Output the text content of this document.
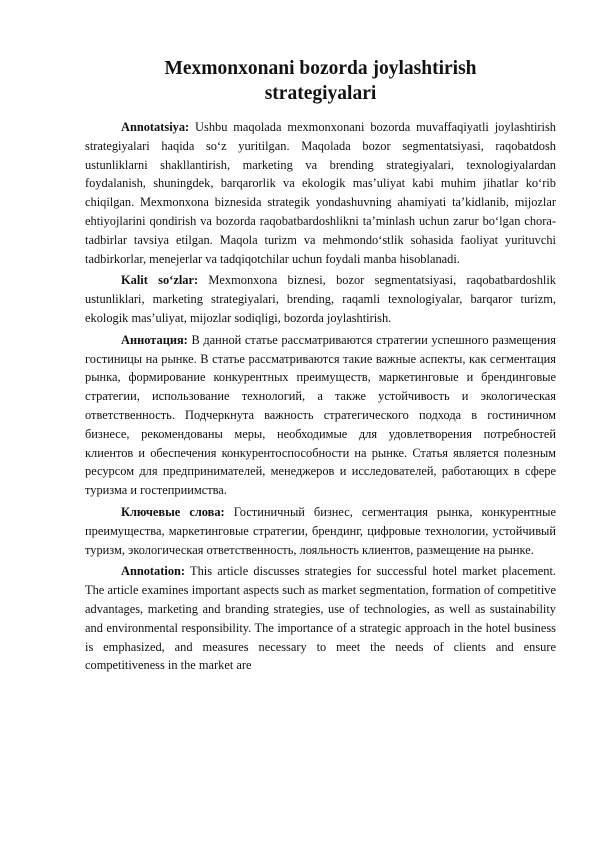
Mexmonxonani bozorda joylashtirish
strategiyalari

Annotatsiya: Ushbu maqolada mexmonxonani bozorda muvaffaqiyatli joylashtirish strategiyalari haqida so‘z yuritilgan. Maqolada bozor segmentatsiyasi, raqobatdosh ustunliklarni shakllantirish, marketing va brending strategiyalari, texnologiyalardan foydalanish, shuningdek, barqarorlik va ekologik mas’uliyat kabi muhim jihatlar ko‘rib chiqilgan. Mexmonxona biznesida strategik yondashuvning ahamiyati ta’kidlanib, mijozlar ehtiyojlarini qondirish va bozorda raqobatbardoshlikni ta’minlash uchun zarur bo‘lgan chora-tadbirlar tavsiya etilgan. Maqola turizm va mehmondo‘stlik sohasida faoliyat yurituvchi tadbirkorlar, menejerlar va tadqiqotchilar uchun foydali manba hisoblanadi.

Kalit so‘zlar: Mexmonxona biznesi, bozor segmentatsiyasi, raqobatbardoshlik ustunliklari, marketing strategiyalari, brending, raqamli texnologiyalar, barqaror turizm, ekologik mas’uliyat, mijozlar sodiqligi, bozorda joylashtirish.

Аннотация: В данной статье рассматриваются стратегии успешного размещения гостиницы на рынке. В статье рассматриваются такие важные аспекты, как сегментация рынка, формирование конкурентных преимуществ, маркетинговые и брендинговые стратегии, использование технологий, а также устойчивость и экологическая ответственность. Подчеркнута важность стратегического подхода в гостиничном бизнесе, рекомендованы меры, необходимые для удовлетворения потребностей клиентов и обеспечения конкурентоспособности на рынке. Статья является полезным ресурсом для предпринимателей, менеджеров и исследователей, работающих в сфере туризма и гостеприимства.

Ключевые слова: Гостиничный бизнес, сегментация рынка, конкурентные преимущества, маркетинговые стратегии, брендинг, цифровые технологии, устойчивый туризм, экологическая ответственность, лояльность клиентов, размещение на рынке.

Annotation: This article discusses strategies for successful hotel market placement. The article examines important aspects such as market segmentation, formation of competitive advantages, marketing and branding strategies, use of technologies, as well as sustainability and environmental responsibility. The importance of a strategic approach in the hotel business is emphasized, and measures necessary to meet the needs of clients and ensure competitiveness in the market are
